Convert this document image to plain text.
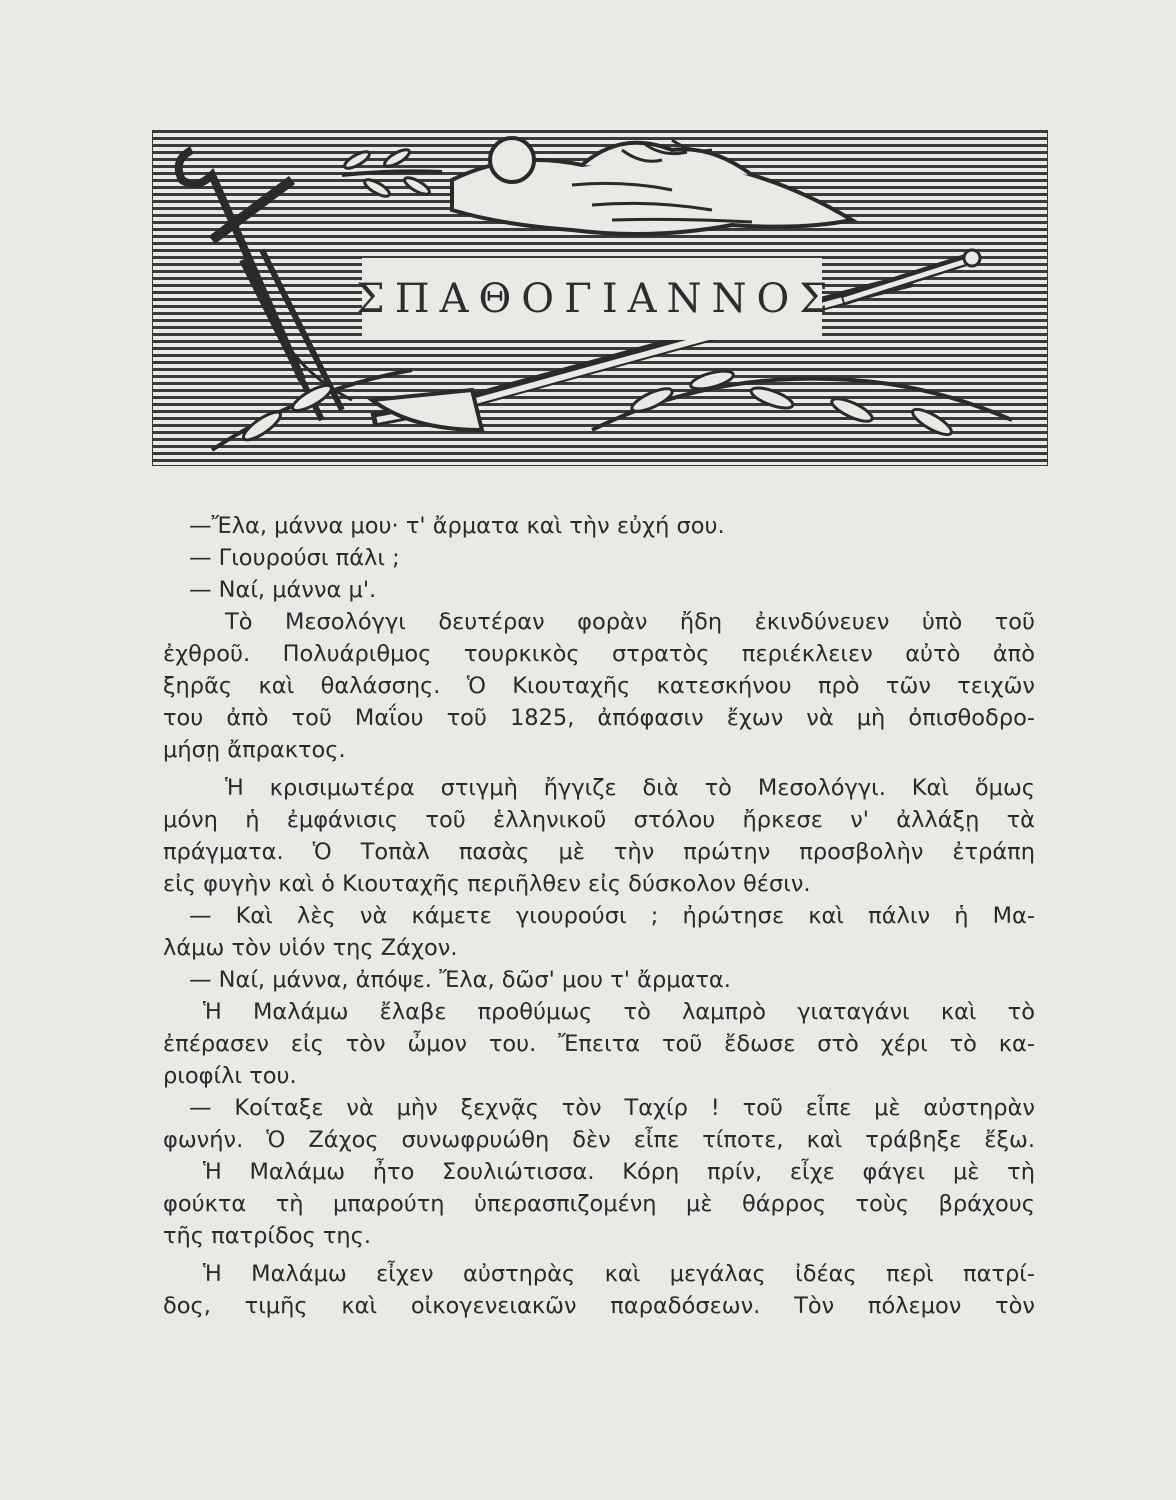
ΣΠΑΘΟΓΙΑΝΝΟΣ
—Ἔλα, μάννα μου· τ' ἄρματα καὶ τὴν εὐχή σου.
— Γιουρούσι πάλι ;
— Ναί, μάννα μ'.
Τὸ Μεσολόγγι δευτέραν φορὰν ἤδη ἐκινδύνευεν ὑπὸ τοῦ
ἐχθροῦ. Πολυάριθμος τουρκικὸς στρατὸς περιέκλειεν αὐτὸ ἀπὸ
ξηρᾶς καὶ θαλάσσης. Ὁ Κιουταχῆς κατεσκήνου πρὸ τῶν τειχῶν
του ἀπὸ τοῦ Μαΐου τοῦ 1825, ἀπόφασιν ἔχων νὰ μὴ ὀπισθοδρο-
μήσῃ ἄπρακτος.
Ἡ κρισιμωτέρα στιγμὴ ἤγγιζε διὰ τὸ Μεσολόγγι. Καὶ ὅμως
μόνη ἡ ἐμφάνισις τοῦ ἑλληνικοῦ στόλου ἤρκεσε ν' ἀλλάξῃ τὰ
πράγματα. Ὁ Τοπὰλ πασὰς μὲ τὴν πρώτην προσβολὴν ἐτράπη
εἰς φυγὴν καὶ ὁ Κιουταχῆς περιῆλθεν εἰς δύσκολον θέσιν.
— Καὶ λὲς νὰ κάμετε γιουρούσι ; ἠρώτησε καὶ πάλιν ἡ Μα-
λάμω τὸν υἱόν της Ζάχον.
— Ναί, μάννα, ἀπόψε. Ἔλα, δῶσ' μου τ' ἄρματα.
Ἡ Μαλάμω ἔλαβε προθύμως τὸ λαμπρὸ γιαταγάνι καὶ τὸ
ἐπέρασεν εἰς τὸν ὦμον του. Ἔπειτα τοῦ ἔδωσε στὸ χέρι τὸ κα-
ριοφίλι του.
— Κοίταξε νὰ μὴν ξεχνᾷς τὸν Ταχίρ ! τοῦ εἶπε μὲ αὐστηρὰν
φωνήν. Ὁ Ζάχος συνωφρυώθη δὲν εἶπε τίποτε, καὶ τράβηξε ἔξω.
Ἡ Μαλάμω ἦτο Σουλιώτισσα. Κόρη πρίν, εἶχε φάγει μὲ τὴ
φούκτα τὴ μπαρούτη ὑπερασπιζομένη μὲ θάρρος τοὺς βράχους
τῆς πατρίδος της.
Ἡ Μαλάμω εἶχεν αὐστηρὰς καὶ μεγάλας ἰδέας περὶ πατρί-
δος, τιμῆς καὶ οἰκογενειακῶν παραδόσεων. Τὸν πόλεμον τὸν
